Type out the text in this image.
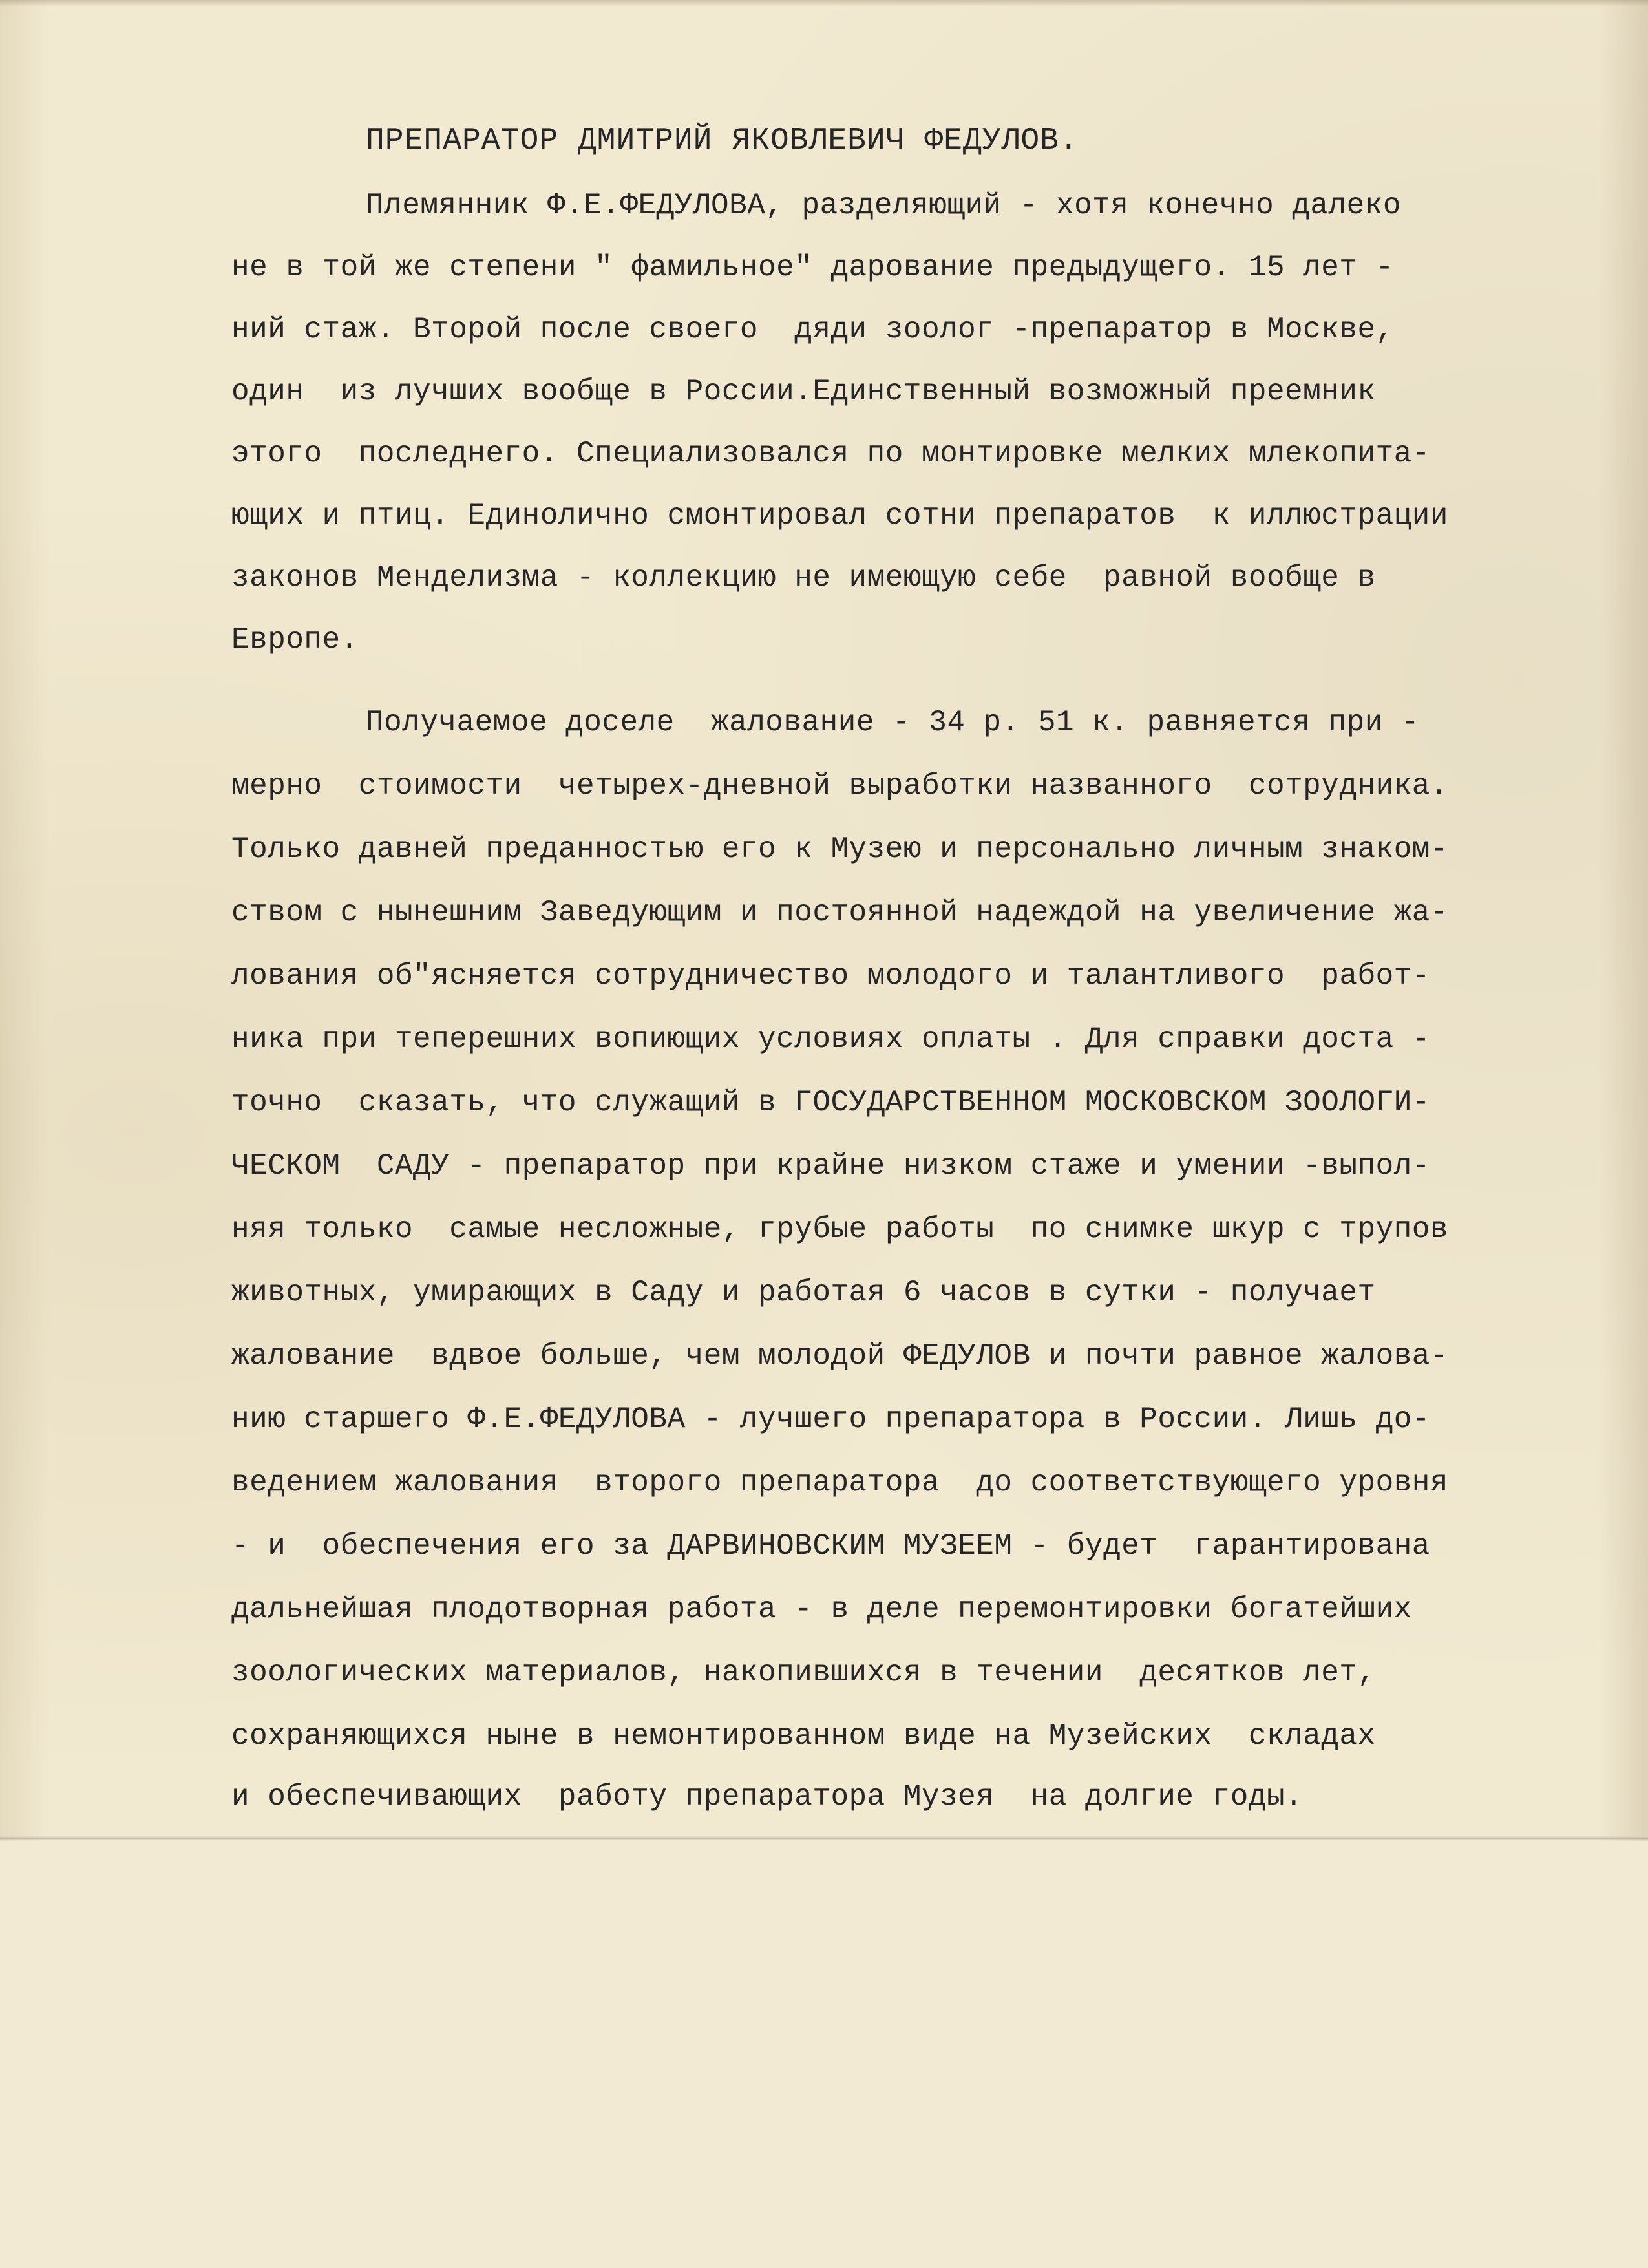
ПРЕПАРАТОР ДМИТРИЙ ЯКОВЛЕВИЧ ФЕДУЛОВ.
Племянник Ф.Е.ФЕДУЛОВА, разделяющий - хотя конечно далеко
не в той же степени " фамильное" дарование предыдущего. 15 лет -
ний стаж. Второй после своего  дяди зоолог -препаратор в Москве,
один  из лучших вообще в России.Единственный возможный преемник
этого  последнего. Специализовался по монтировке мелких млекопита-
ющих и птиц. Единолично смонтировал сотни препаратов  к иллюстрации
законов Менделизма - коллекцию не имеющую себе  равной вообще в
Европе.
Получаемое доселе  жалование - 34 р. 51 к. равняется при -
мерно  стоимости  четырех-дневной выработки названного  сотрудника.
Только давней преданностью его к Музею и персонально личным знаком-
ством с нынешним Заведующим и постоянной надеждой на увеличение жа-
лования об"ясняется сотрудничество молодого и талантливого  работ-
ника при теперешних вопиющих условиях оплаты . Для справки доста -
точно  сказать, что служащий в ГОСУДАРСТВЕННОМ МОСКОВСКОМ ЗООЛОГИ-
ЧЕСКОМ  САДУ - препаратор при крайне низком стаже и умении -выпол-
няя только  самые несложные, грубые работы  по снимке шкур с трупов
животных, умирающих в Саду и работая 6 часов в сутки - получает
жалование  вдвое больше, чем молодой ФЕДУЛОВ и почти равное жалова-
нию старшего Ф.Е.ФЕДУЛОВА - лучшего препаратора в России. Лишь до-
ведением жалования  второго препаратора  до соответствующего уровня
- и  обеспечения его за ДАРВИНОВСКИМ МУЗЕЕМ - будет  гарантирована
дальнейшая плодотворная работа - в деле перемонтировки богатейших
зоологических материалов, накопившихся в течении  десятков лет,
сохраняющихся ныне в немонтированном виде на Музейских  складах
и обеспечивающих  работу препаратора Музея  на долгие годы.
